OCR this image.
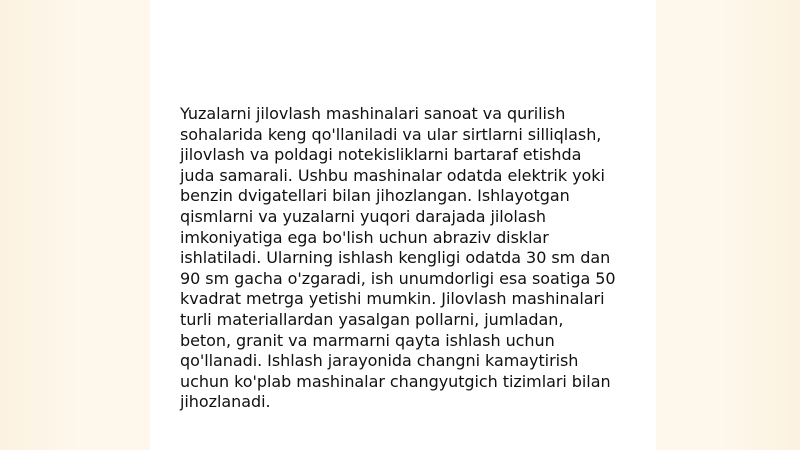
Yuzalarni jilovlash mashinalari sanoat va qurilish
sohalarida keng qo'llaniladi va ular sirtlarni silliqlash,
jilovlash va poldagi notekisliklarni bartaraf etishda
juda samarali. Ushbu mashinalar odatda elektrik yoki
benzin dvigatellari bilan jihozlangan. Ishlayotgan
qismlarni va yuzalarni yuqori darajada jilolash
imkoniyatiga ega bo'lish uchun abraziv disklar
ishlatiladi. Ularning ishlash kengligi odatda 30 sm dan
90 sm gacha o'zgaradi, ish unumdorligi esa soatiga 50
kvadrat metrga yetishi mumkin. Jilovlash mashinalari
turli materiallardan yasalgan pollarni, jumladan,
beton, granit va marmarni qayta ishlash uchun
qo'llanadi. Ishlash jarayonida changni kamaytirish
uchun ko'plab mashinalar changyutgich tizimlari bilan
jihozlanadi.
